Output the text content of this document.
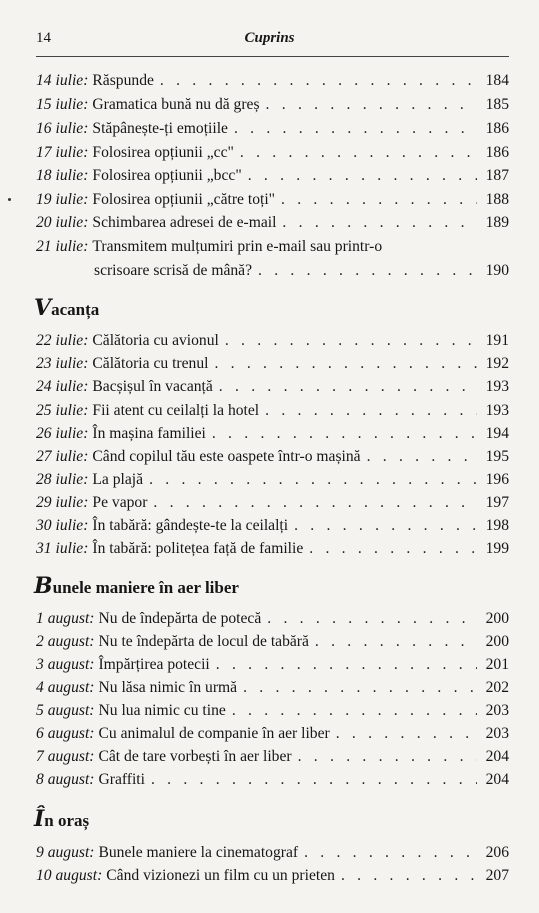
14	Cuprins
14 iulie: Răspunde . . .	184
15 iulie: Gramatica bună nu dă greș . . .	185
16 iulie: Stăpânește-ți emoțiile . . .	186
17 iulie: Folosirea opțiunii „cc" . . .	186
18 iulie: Folosirea opțiunii „bcc" . . .	187
19 iulie: Folosirea opțiunii „către toți" . . .	188
20 iulie: Schimbarea adresei de e-mail . . .	189
21 iulie: Transmitem mulțumiri prin e-mail sau printr-o
scrisoare scrisă de mână? . . .	190
Vacanța
22 iulie: Călătoria cu avionul . . .	191
23 iulie: Călătoria cu trenul . . .	192
24 iulie: Bacșișul în vacanță . . .	193
25 iulie: Fii atent cu ceilalți la hotel . . .	193
26 iulie: În mașina familiei . . .	194
27 iulie: Când copilul tău este oaspete într-o mașină . . .	195
28 iulie: La plajă . . .	196
29 iulie: Pe vapor . . .	197
30 iulie: În tabără: gândește-te la ceilalți . . .	198
31 iulie: În tabără: politețea față de familie . . .	199
Bunele maniere în aer liber
1 august: Nu de îndepărta de potecă . . .	200
2 august: Nu te îndepărta de locul de tabără . . .	200
3 august: Împărțirea potecii . . .	201
4 august: Nu lăsa nimic în urmă . . .	202
5 august: Nu lua nimic cu tine . . .	203
6 august: Cu animalul de companie în aer liber . . .	203
7 august: Cât de tare vorbești în aer liber . . .	204
8 august: Graffiti . . .	204
În oraș
9 august: Bunele maniere la cinematograf . . .	206
10 august: Când vizionezi un film cu un prieten . . .	207
